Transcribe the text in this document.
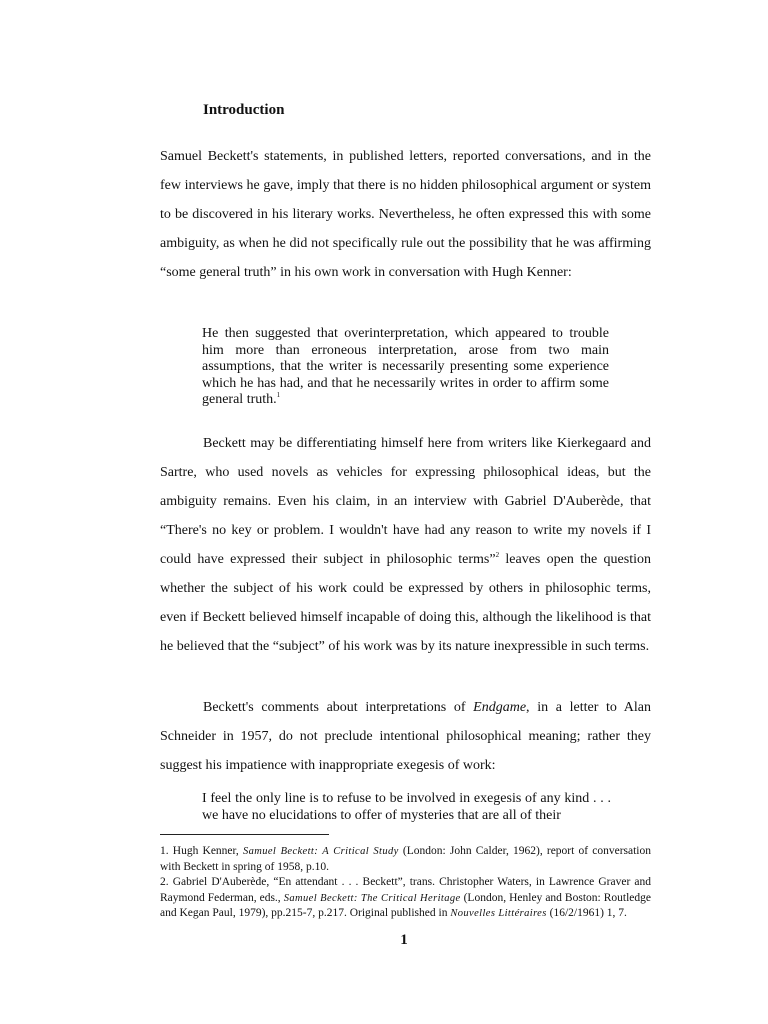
Introduction

Samuel Beckett's statements, in published letters, reported conversations, and in the few interviews he gave, imply that there is no hidden philosophical argument or system to be discovered in his literary works. Nevertheless, he often expressed this with some ambiguity, as when he did not specifically rule out the possibility that he was affirming “some general truth” in his own work in conversation with Hugh Kenner:

He then suggested that overinterpretation, which appeared to trouble him more than erroneous interpretation, arose from two main assumptions, that the writer is necessarily presenting some experience which he has had, and that he necessarily writes in order to affirm some general truth.$^1$

Beckett may be differentiating himself here from writers like Kierkegaard and Sartre, who used novels as vehicles for expressing philosophical ideas, but the ambiguity remains. Even his claim, in an interview with Gabriel D'Auberède, that “There's no key or problem. I wouldn't have had any reason to write my novels if I could have expressed their subject in philosophic terms”$^2$ leaves open the question whether the subject of his work could be expressed by others in philosophic terms, even if Beckett believed himself incapable of doing this, although the likelihood is that he believed that the “subject” of his work was by its nature inexpressible in such terms.

Beckett's comments about interpretations of Endgame, in a letter to Alan Schneider in 1957, do not preclude intentional philosophical meaning; rather they suggest his impatience with inappropriate exegesis of work:

I feel the only line is to refuse to be involved in exegesis of any kind . . . we have no elucidations to offer of mysteries that are all of their

1. Hugh Kenner, Samuel Beckett: A Critical Study (London: John Calder, 1962), report of conversation with Beckett in spring of 1958, p.10.

2. Gabriel D'Auberède, “En attendant . . . Beckett”, trans. Christopher Waters, in Lawrence Graver and Raymond Federman, eds., Samuel Beckett: The Critical Heritage (London, Henley and Boston: Routledge and Kegan Paul, 1979), pp.215-7, p.217. Original published in Nouvelles Littéraires (16/2/1961) 1, 7.

1
